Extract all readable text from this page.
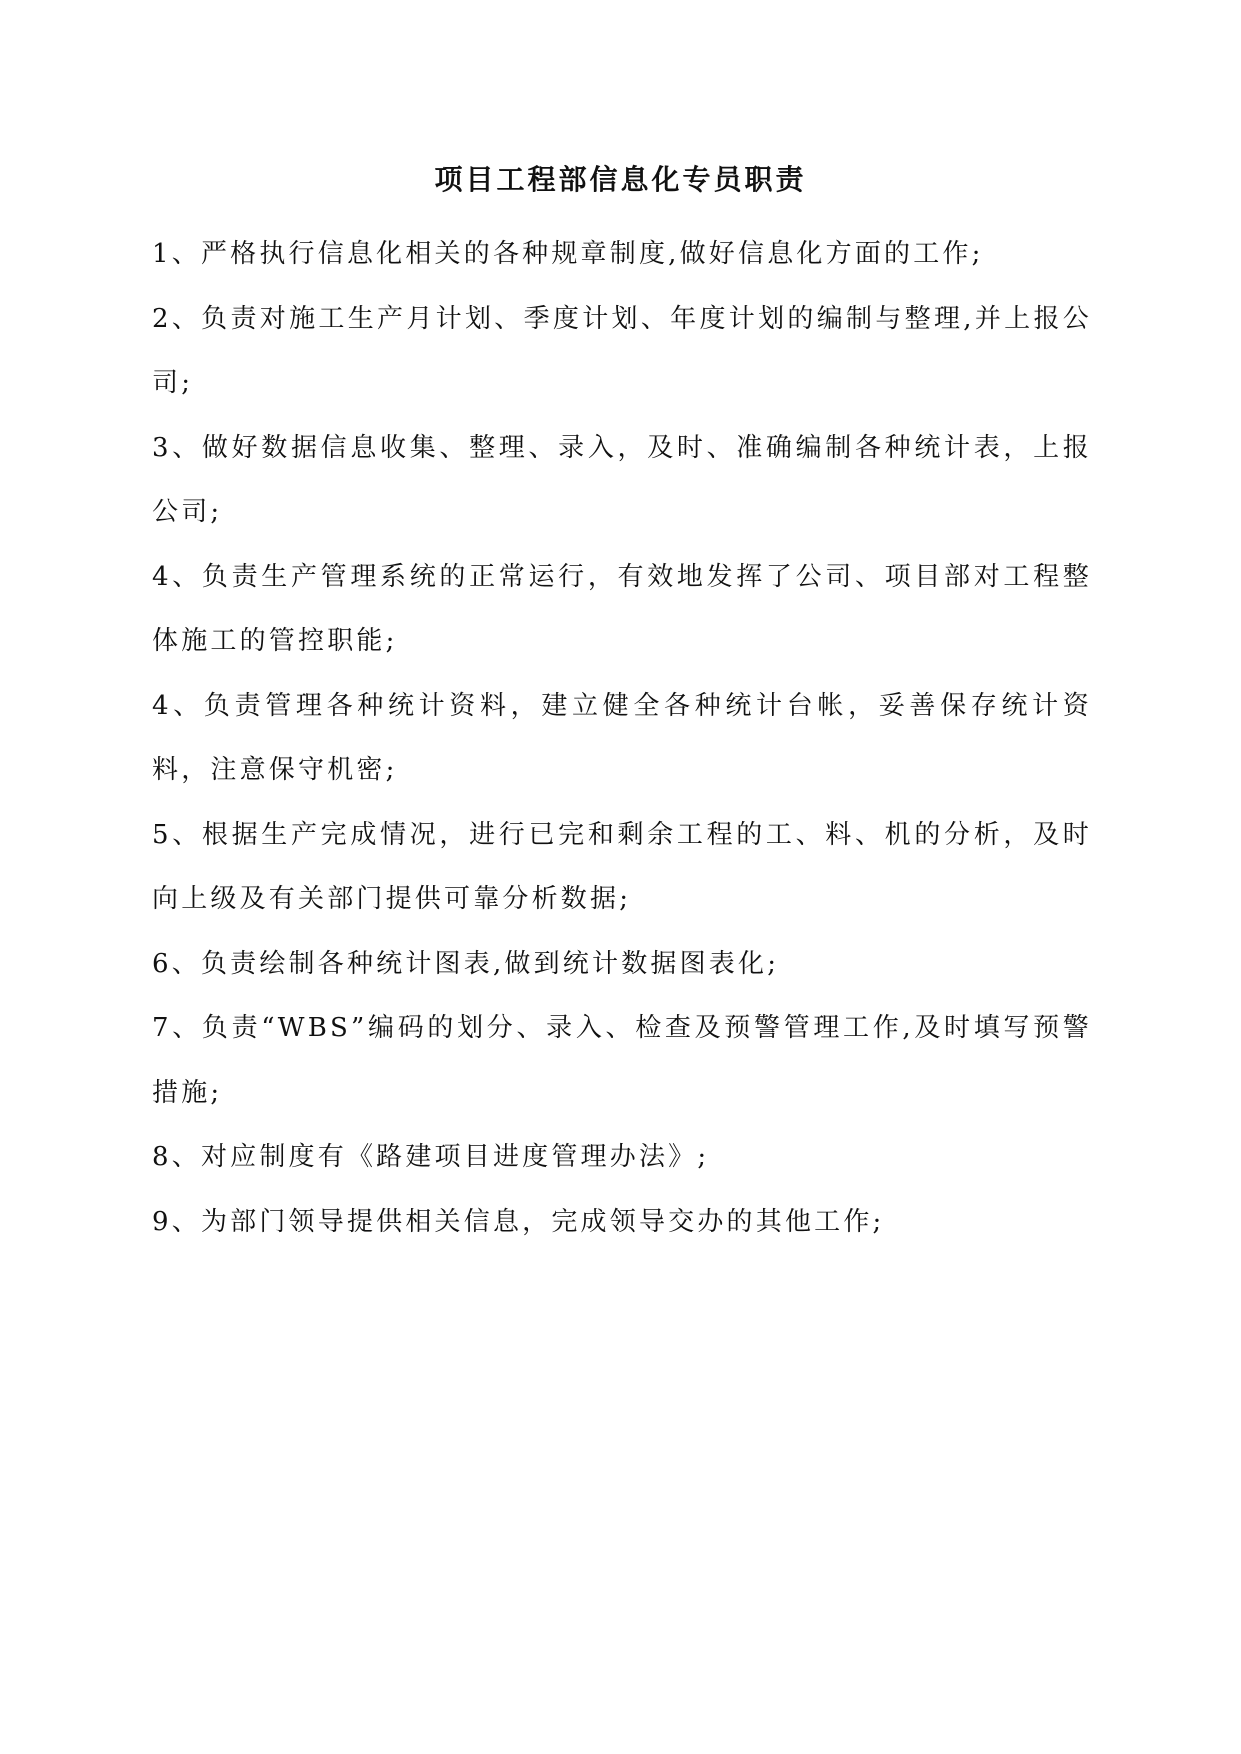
项目工程部信息化专员职责

1、严格执行信息化相关的各种规章制度,做好信息化方面的工作;

2、负责对施工生产月计划、季度计划、年度计划的编制与整理,并上报公司;

3、做好数据信息收集、整理、录入，及时、准确编制各种统计表，上报公司;

4、负责生产管理系统的正常运行，有效地发挥了公司、项目部对工程整体施工的管控职能;

4、负责管理各种统计资料，建立健全各种统计台帐，妥善保存统计资料，注意保守机密;

5、根据生产完成情况，进行已完和剩余工程的工、料、机的分析，及时向上级及有关部门提供可靠分析数据;

6、负责绘制各种统计图表,做到统计数据图表化;

7、负责“WBS”编码的划分、录入、检查及预警管理工作,及时填写预警措施;

8、对应制度有《路建项目进度管理办法》;

9、为部门领导提供相关信息，完成领导交办的其他工作;
